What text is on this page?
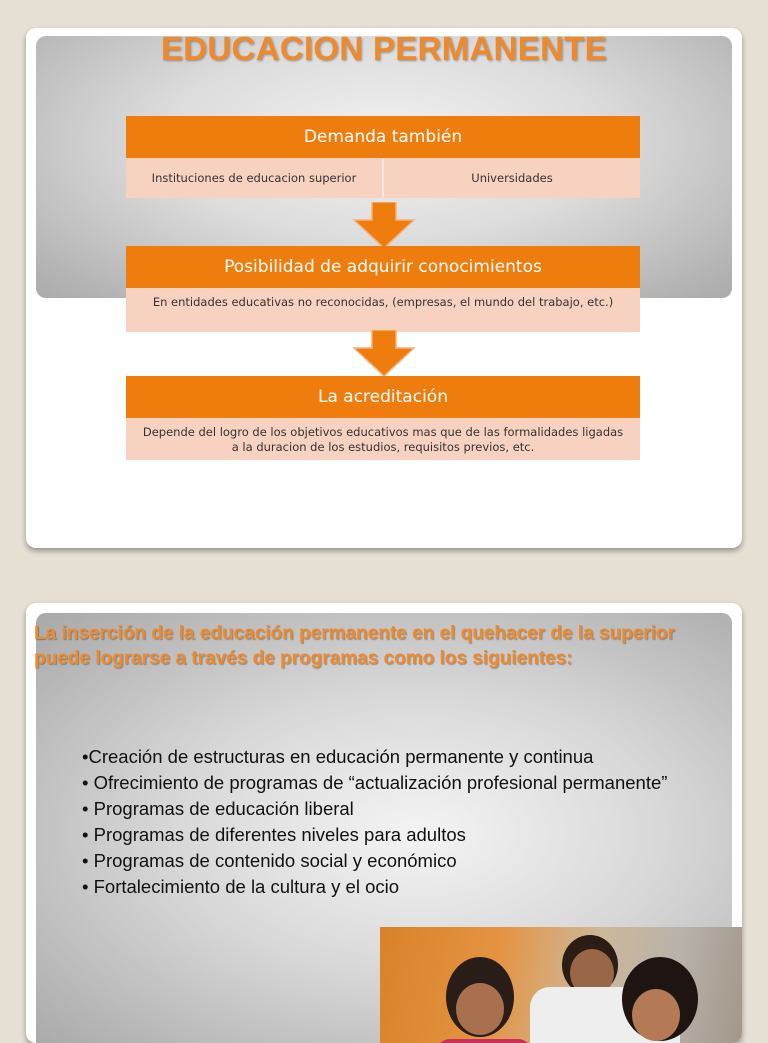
EDUCACION PERMANENTE
Demanda también
Instituciones de educacion superior	Universidades
Posibilidad de adquirir conocimientos
En entidades educativas no reconocidas, (empresas, el mundo del trabajo, etc.)
La acreditación
Depende del logro de los objetivos educativos mas que de las formalidades ligadas a la duracion de los estudios, requisitos previos, etc.
La inserción de la educación permanente en el quehacer de la superior puede lograrse a través de programas como los siguientes:
•Creación de estructuras en educación permanente y continua
• Ofrecimiento de programas de “actualización profesional permanente”
• Programas de educación liberal
• Programas de diferentes niveles para adultos
• Programas de contenido social y económico
• Fortalecimiento de la cultura y el ocio
